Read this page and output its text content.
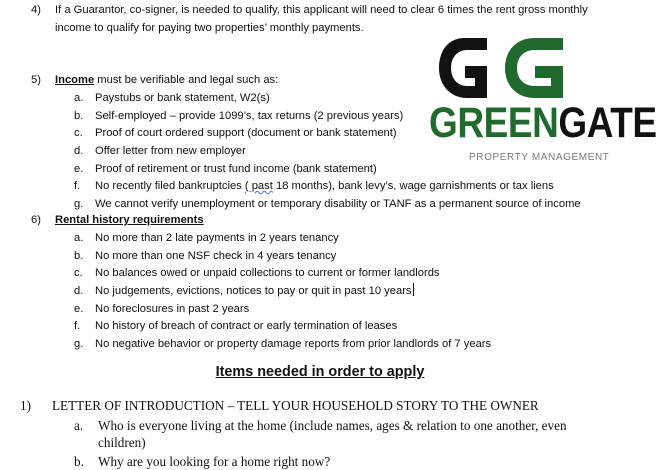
4) If a Guarantor, co-signer, is needed to qualify, this applicant will need to clear 6 times the rent gross monthly
income to qualify for paying two properties’ monthly payments.
GREENGATE
PROPERTY MANAGEMENT
5) Income must be verifiable and legal such as:
a. Paystubs or bank statement, W2(s)
b. Self-employed – provide 1099’s, tax returns (2 previous years)
c. Proof of court ordered support (document or bank statement)
d. Offer letter from new employer
e. Proof of retirement or trust fund income (bank statement)
f. No recently filed bankruptcies ( past 18 months), bank levy’s, wage garnishments or tax liens
g. We cannot verify unemployment or temporary disability or TANF as a permanent source of income
6) Rental history requirements
a. No more than 2 late payments in 2 years tenancy
b. No more than one NSF check in 4 years tenancy
c. No balances owed or unpaid collections to current or former landlords
d. No judgements, evictions, notices to pay or quit in past 10 years
e. No foreclosures in past 2 years
f. No history of breach of contract or early termination of leases
g. No negative behavior or property damage reports from prior landlords of 7 years
Items needed in order to apply
1) LETTER OF INTRODUCTION – TELL YOUR HOUSEHOLD STORY TO THE OWNER
a. Who is everyone living at the home (include names, ages & relation to one another, even
children)
b. Why are you looking for a home right now?
